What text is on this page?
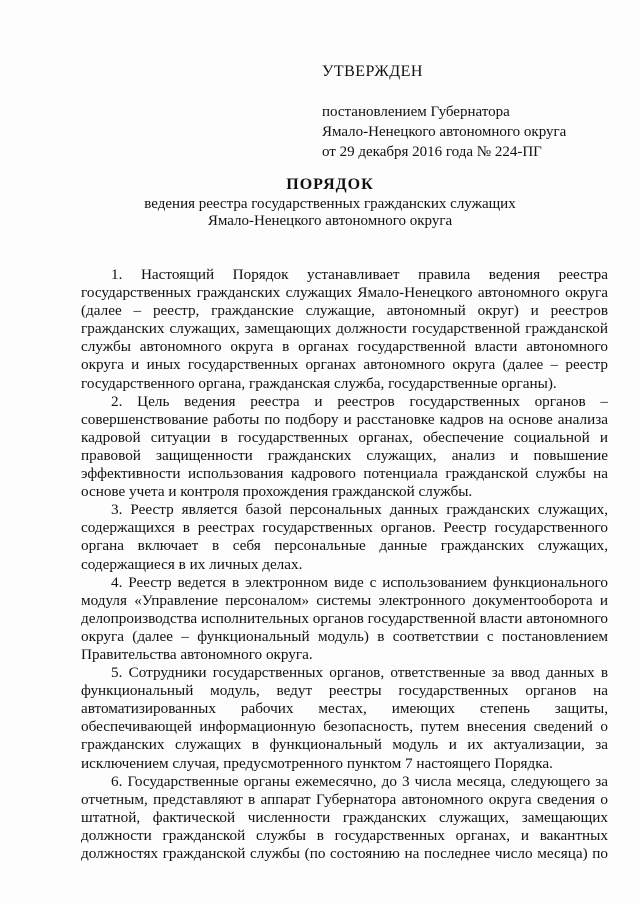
УТВЕРЖДЕН
постановлением Губернатора
Ямало-Ненецкого автономного округа
от 29 декабря 2016 года № 224-ПГ
ПОРЯДОК
ведения реестра государственных гражданских служащих
Ямало-Ненецкого автономного округа

1. Настоящий Порядок устанавливает правила ведения реестра государственных гражданских служащих Ямало-Ненецкого автономного округа (далее – реестр, гражданские служащие, автономный округ) и реестров гражданских служащих, замещающих должности государственной гражданской службы автономного округа в органах государственной власти автономного округа и иных государственных органах автономного округа (далее – реестр государственного органа, гражданская служба, государственные органы).

2. Цель ведения реестра и реестров государственных органов – совершенствование работы по подбору и расстановке кадров на основе анализа кадровой ситуации в государственных органах, обеспечение социальной и правовой защищенности гражданских служащих, анализ и повышение эффективности использования кадрового потенциала гражданской службы на основе учета и контроля прохождения гражданской службы.

3. Реестр является базой персональных данных гражданских служащих, содержащихся в реестрах государственных органов. Реестр государственного органа включает в себя персональные данные гражданских служащих, содержащиеся в их личных делах.

4. Реестр ведется в электронном виде с использованием функционального модуля «Управление персоналом» системы электронного документооборота и делопроизводства исполнительных органов государственной власти автономного округа (далее – функциональный модуль) в соответствии с постановлением Правительства автономного округа.

5. Сотрудники государственных органов, ответственные за ввод данных в функциональный модуль, ведут реестры государственных органов на автоматизированных рабочих местах, имеющих степень защиты, обеспечивающей информационную безопасность, путем внесения сведений о гражданских служащих в функциональный модуль и их актуализации, за исключением случая, предусмотренного пунктом 7 настоящего Порядка.

6. Государственные органы ежемесячно, до 3 числа месяца, следующего за отчетным, представляют в аппарат Губернатора автономного округа сведения о штатной, фактической численности гражданских служащих, замещающих должности гражданской службы в государственных органах, и вакантных должностях гражданской службы (по состоянию на последнее число месяца) по
